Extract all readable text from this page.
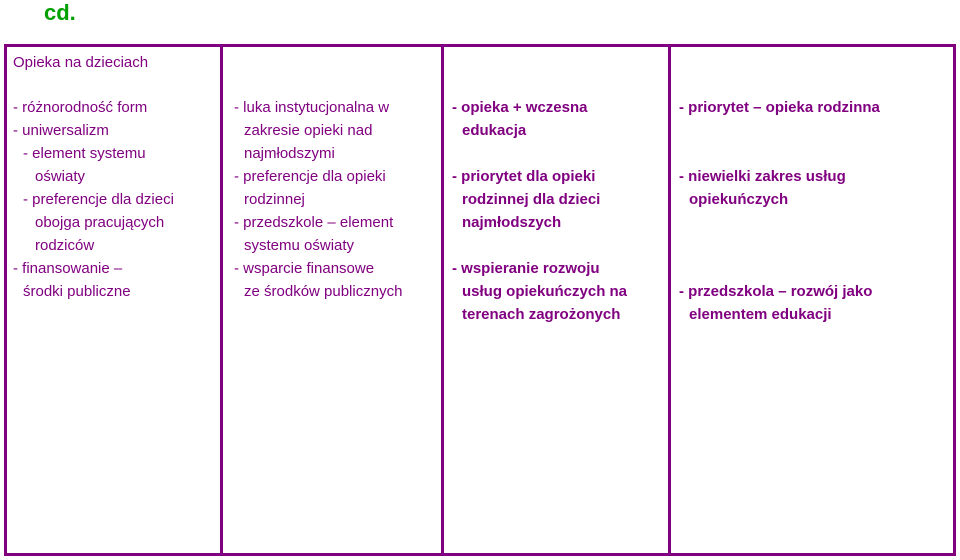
cd.
Opieka na dzieciach
- różnorodność form
- uniwersalizm
- element systemu
oświaty
- preferencje dla dzieci
obojga pracujących
rodziców
- finansowanie –
środki publiczne
- luka instytucjonalna w
zakresie opieki nad
najmłodszymi
- preferencje dla opieki
rodzinnej
- przedszkole – element
systemu oświaty
- wsparcie finansowe
ze środków publicznych
- opieka + wczesna
edukacja
- priorytet dla opieki
rodzinnej dla dzieci
najmłodszych
- wspieranie rozwoju
usług opiekuńczych na
terenach zagrożonych
- priorytet – opieka rodzinna
- niewielki zakres usług
opiekuńczych
- przedszkola – rozwój jako
elementem edukacji
